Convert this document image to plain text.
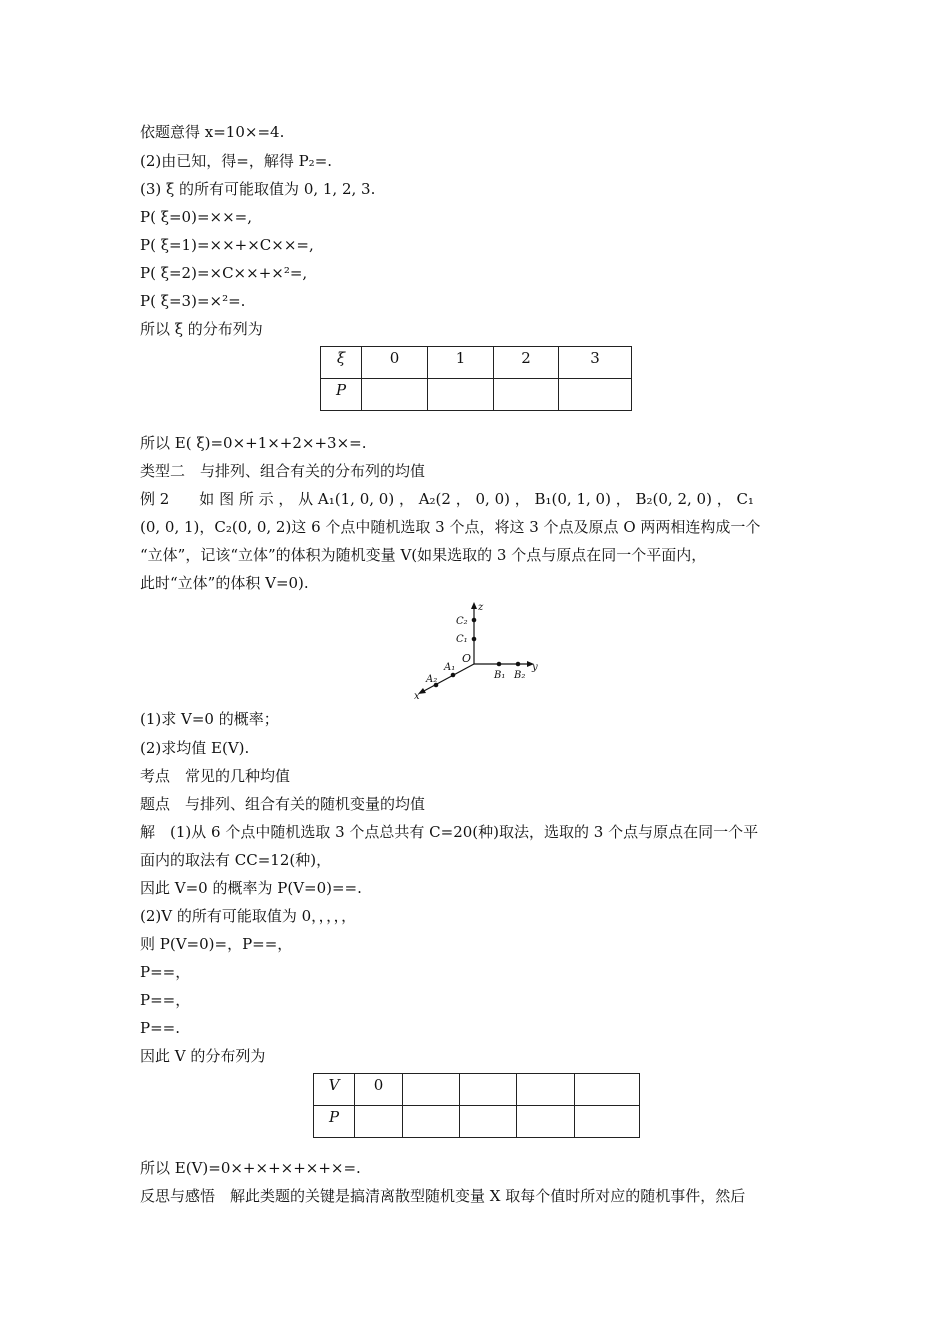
依题意得 x=10×=4.
(2)由已知，得=，解得 P₂=.
(3) ξ 的所有可能取值为 0, 1, 2, 3.
P( ξ=0)=××=,
P( ξ=1)=××+×C××=,
P( ξ=2)=×C××+×²=,
P( ξ=3)=×²=.
所以 ξ 的分布列为
ξ	0	1	2	3
P				
所以 E( ξ)=0×+1×+2×+3×=.
类型二　与排列、组合有关的分布列的均值
例 2　　如 图 所 示 ， 从 A₁(1, 0, 0) ， A₂(2 ， 0, 0) ， B₁(0, 1, 0) ， B₂(0, 2, 0) ， C₁
(0, 0, 1)，C₂(0, 0, 2)这 6 个点中随机选取 3 个点，将这 3 个点及原点 O 两两相连构成一个
“立体”，记该“立体”的体积为随机变量 V(如果选取的 3 个点与原点在同一个平面内，
此时“立体”的体积 V=0).
z
C₂
C₁
O
B₁ B₂
y
A₁
A₂
x
(1)求 V=0 的概率；
(2)求均值 E(V).
考点　常见的几种均值
题点　与排列、组合有关的随机变量的均值
解　(1)从 6 个点中随机选取 3 个点总共有 C=20(种)取法，选取的 3 个点与原点在同一个平
面内的取法有 CC=12(种)，
因此 V=0 的概率为 P(V=0)==.
(2)V 的所有可能取值为 0，，，，，
则 P(V=0)=，P==，
P==，
P==，
P==.
因此 V 的分布列为
V	0				
P					
所以 E(V)=0×+×+×+×+×=.
反思与感悟　解此类题的关键是搞清离散型随机变量 X 取每个值时所对应的随机事件，然后
